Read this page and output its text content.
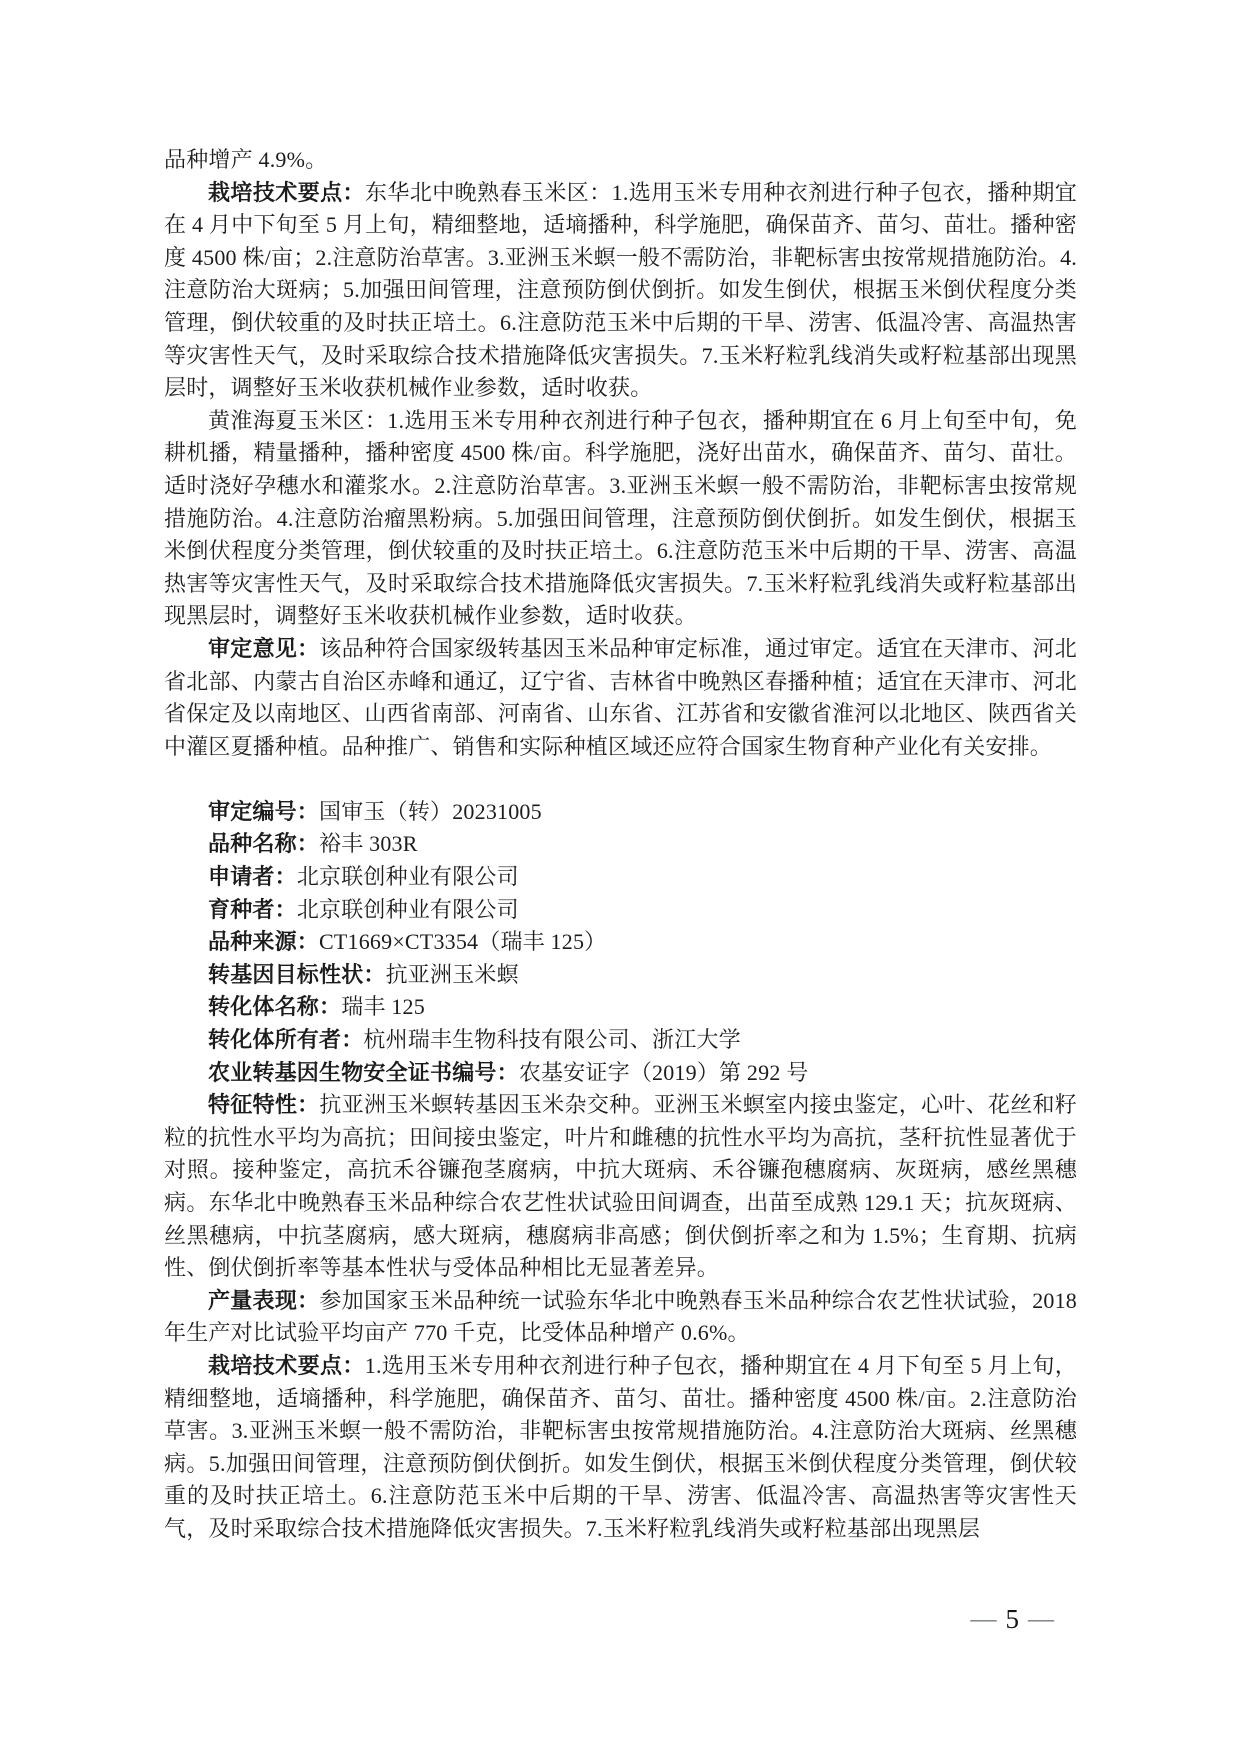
品种增产 4.9%。

栽培技术要点：东华北中晚熟春玉米区：1.选用玉米专用种衣剂进行种子包衣，播种期宜在 4 月中下旬至 5 月上旬，精细整地，适墒播种，科学施肥，确保苗齐、苗匀、苗壮。播种密度 4500 株/亩；2.注意防治草害。3.亚洲玉米螟一般不需防治，非靶标害虫按常规措施防治。4.注意防治大斑病；5.加强田间管理，注意预防倒伏倒折。如发生倒伏，根据玉米倒伏程度分类管理，倒伏较重的及时扶正培土。6.注意防范玉米中后期的干旱、涝害、低温冷害、高温热害等灾害性天气，及时采取综合技术措施降低灾害损失。7.玉米籽粒乳线消失或籽粒基部出现黑层时，调整好玉米收获机械作业参数，适时收获。

黄淮海夏玉米区：1.选用玉米专用种衣剂进行种子包衣，播种期宜在 6 月上旬至中旬，免耕机播，精量播种，播种密度 4500 株/亩。科学施肥，浇好出苗水，确保苗齐、苗匀、苗壮。适时浇好孕穗水和灌浆水。2.注意防治草害。3.亚洲玉米螟一般不需防治，非靶标害虫按常规措施防治。4.注意防治瘤黑粉病。5.加强田间管理，注意预防倒伏倒折。如发生倒伏，根据玉米倒伏程度分类管理，倒伏较重的及时扶正培土。6.注意防范玉米中后期的干旱、涝害、高温热害等灾害性天气，及时采取综合技术措施降低灾害损失。7.玉米籽粒乳线消失或籽粒基部出现黑层时，调整好玉米收获机械作业参数，适时收获。

审定意见：该品种符合国家级转基因玉米品种审定标准，通过审定。适宜在天津市、河北省北部、内蒙古自治区赤峰和通辽，辽宁省、吉林省中晚熟区春播种植；适宜在天津市、河北省保定及以南地区、山西省南部、河南省、山东省、江苏省和安徽省淮河以北地区、陕西省关中灌区夏播种植。品种推广、销售和实际种植区域还应符合国家生物育种产业化有关安排。

审定编号：国审玉（转）20231005

品种名称：裕丰 303R

申请者：北京联创种业有限公司

育种者：北京联创种业有限公司

品种来源：CT1669×CT3354（瑞丰 125）

转基因目标性状：抗亚洲玉米螟

转化体名称：瑞丰 125

转化体所有者：杭州瑞丰生物科技有限公司、浙江大学

农业转基因生物安全证书编号：农基安证字（2019）第 292 号

特征特性：抗亚洲玉米螟转基因玉米杂交种。亚洲玉米螟室内接虫鉴定，心叶、花丝和籽粒的抗性水平均为高抗；田间接虫鉴定，叶片和雌穗的抗性水平均为高抗，茎秆抗性显著优于对照。接种鉴定，高抗禾谷镰孢茎腐病，中抗大斑病、禾谷镰孢穗腐病、灰斑病，感丝黑穗病。东华北中晚熟春玉米品种综合农艺性状试验田间调查，出苗至成熟 129.1 天；抗灰斑病、丝黑穗病，中抗茎腐病，感大斑病，穗腐病非高感；倒伏倒折率之和为 1.5%；生育期、抗病性、倒伏倒折率等基本性状与受体品种相比无显著差异。

产量表现：参加国家玉米品种统一试验东华北中晚熟春玉米品种综合农艺性状试验，2018 年生产对比试验平均亩产 770 千克，比受体品种增产 0.6%。

栽培技术要点：1.选用玉米专用种衣剂进行种子包衣，播种期宜在 4 月下旬至 5 月上旬，精细整地，适墒播种，科学施肥，确保苗齐、苗匀、苗壮。播种密度 4500 株/亩。2.注意防治草害。3.亚洲玉米螟一般不需防治，非靶标害虫按常规措施防治。4.注意防治大斑病、丝黑穗病。5.加强田间管理，注意预防倒伏倒折。如发生倒伏，根据玉米倒伏程度分类管理，倒伏较重的及时扶正培土。6.注意防范玉米中后期的干旱、涝害、低温冷害、高温热害等灾害性天气，及时采取综合技术措施降低灾害损失。7.玉米籽粒乳线消失或籽粒基部出现黑层

— 5 —
